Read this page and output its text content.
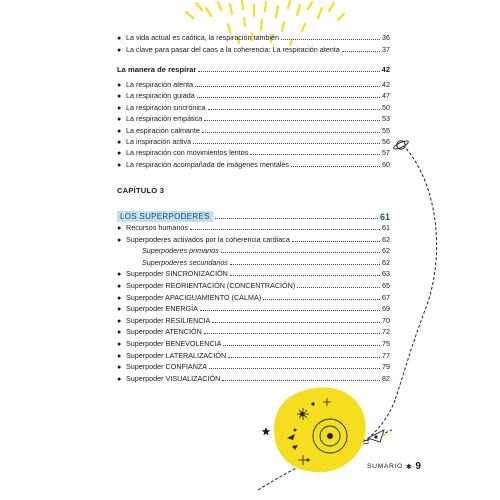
● La vida actual es caótica, la respiración también	36
● La clave para pasar del caos a la coherencia: La respiración atenta	37
La manera de respirar	42
● La respiración atenta	42
● La respiración guiada	47
● La respiración sincrónica	50
● La respiración empática	53
● La espiración calmante	55
● La inspiración activa	56
● La respiración con movimientos lentos	57
● La respiración acompañada de imágenes mentales	60
CAPÍTULO 3
LOS SUPERPODERES	61
● Recursos humanos	61
● Superpoderes activados por la coherencia cardiaca	62
Superpoderes primarios	62
Superpoderes secundarios	62
● Superpoder SINCRONIZACIÓN	63
● Superpoder REORIENTACIÓN (CONCENTRACIÓN)	65
● Superpoder APACIGUAMIENTO (CALMA)	67
● Superpoder ENERGÍA	69
● Superpoder RESILIENCIA	70
● Superpoder ATENCIÓN	72
● Superpoder BENEVOLENCIA	75
● Superpoder LATERALIZACIÓN	77
● Superpoder CONFIANZA	79
● Superpoder VISUALIZACIÓN	82
SUMARIO ✱ 9
